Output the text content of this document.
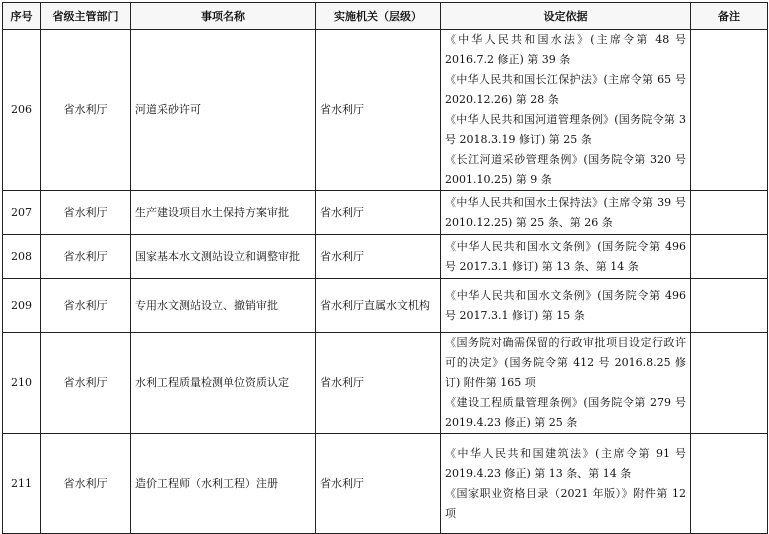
序号	省级主管部门	事项名称	实施机关（层级）	设定依据	备注
206	省水利厅	河道采砂许可	省水利厅	《中华人民共和国水法》(主席令第 48 号 2016.7.2 修正) 第 39 条

《中华人民共和国长江保护法》(主席令第 65 号 2020.12.26) 第 28 条

《中华人民共和国河道管理条例》(国务院令第 3 号 2018.3.19 修订) 第 25 条

《长江河道采砂管理条例》(国务院令第 320 号 2001.10.25) 第 9 条	

207	省水利厅	生产建设项目水土保持方案审批	省水利厅	《中华人民共和国水土保持法》(主席令第 39 号 2010.12.25) 第 25 条、第 26 条	

208	省水利厅	国家基本水文测站设立和调整审批	省水利厅	《中华人民共和国水文条例》(国务院令第 496 号 2017.3.1 修订) 第 13 条、第 14 条	

209	省水利厅	专用水文测站设立、撤销审批	省水利厅直属水文机构	《中华人民共和国水文条例》(国务院令第 496 号 2017.3.1 修订) 第 15 条	

210	省水利厅	水利工程质量检测单位资质认定	省水利厅	《国务院对确需保留的行政审批项目设定行政许可的决定》(国务院令第 412 号 2016.8.25 修订) 附件第 165 项

《建设工程质量管理条例》(国务院令第 279 号 2019.4.23 修正) 第 25 条	

211	省水利厅	造价工程师（水利工程）注册	省水利厅	《中华人民共和国建筑法》(主席令第 91 号 2019.4.23 修正) 第 13 条、第 14 条

《国家职业资格目录（2021 年版）》附件第 12 项	
